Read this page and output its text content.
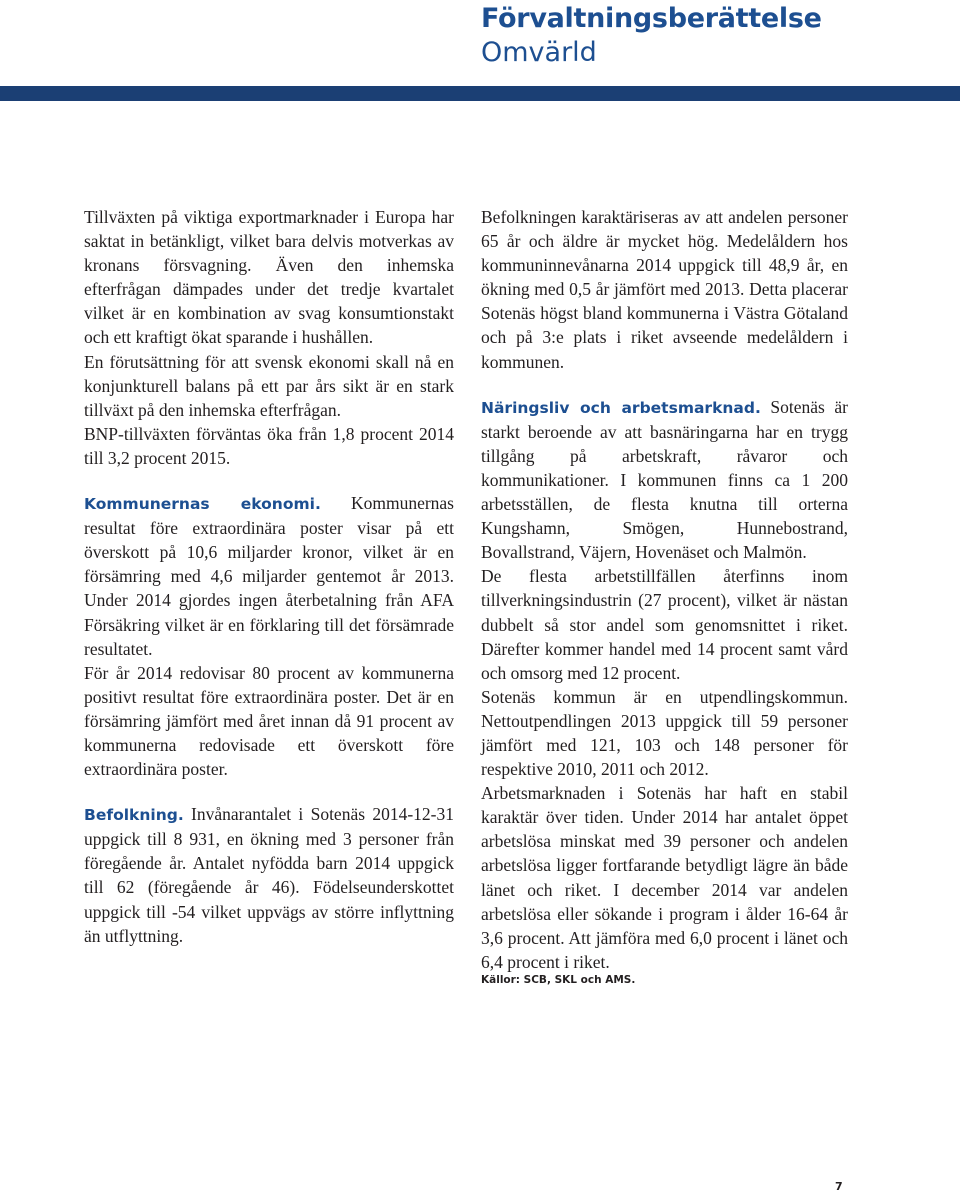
Förvaltningsberättelse
Omvärld

Tillväxten på viktiga exportmarknader i Europa har saktat in betänkligt, vilket bara delvis motverkas av kronans försvagning. Även den inhemska efterfrågan dämpades under det tredje kvartalet vilket är en kombination av svag konsumtionstakt och ett kraftigt ökat sparande i hushållen.

En förutsättning för att svensk ekonomi skall nå en konjunkturell balans på ett par års sikt är en stark tillväxt på den inhemska efterfrågan.

BNP-tillväxten förväntas öka från 1,8 procent 2014 till 3,2 procent 2015.

Kommunernas ekonomi. Kommunernas resultat före extraordinära poster visar på ett överskott på 10,6 miljarder kronor, vilket är en försämring med 4,6 miljarder gentemot år 2013. Under 2014 gjordes ingen återbetalning från AFA Försäkring vilket är en förklaring till det försämrade resultatet.

För år 2014 redovisar 80 procent av kommunerna positivt resultat före extraordinära poster. Det är en försämring jämfört med året innan då 91 procent av kommunerna redovisade ett överskott före extraordinära poster.

Befolkning. Invånarantalet i Sotenäs 2014-12-31 uppgick till 8 931, en ökning med 3 personer från föregående år. Antalet nyfödda barn 2014 uppgick till 62 (föregående år 46). Födelseunderskottet uppgick till -54 vilket uppvägs av större inflyttning än utflyttning.

Befolkningen karaktäriseras av att andelen personer 65 år och äldre är mycket hög. Medelåldern hos kommuninnevånarna 2014 uppgick till 48,9 år, en ökning med 0,5 år jämfört med 2013. Detta placerar Sotenäs högst bland kommunerna i Västra Götaland och på 3:e plats i riket avseende medelåldern i kommunen.

Näringsliv och arbetsmarknad. Sotenäs är starkt beroende av att basnäringarna har en trygg tillgång på arbetskraft, råvaror och kommunikationer. I kommunen finns ca 1 200 arbetsställen, de flesta knutna till orterna Kungshamn, Smögen, Hunnebostrand, Bovallstrand, Väjern, Hovenäset och Malmön.

De flesta arbetstillfällen återfinns inom tillverkningsindustrin (27 procent), vilket är nästan dubbelt så stor andel som genomsnittet i riket. Därefter kommer handel med 14 procent samt vård och omsorg med 12 procent.

Sotenäs kommun är en utpendlingskommun. Nettoutpendlingen 2013 uppgick till 59 personer jämfört med 121, 103 och 148 personer för respektive 2010, 2011 och 2012.

Arbetsmarknaden i Sotenäs har haft en stabil karaktär över tiden. Under 2014 har antalet öppet arbetslösa minskat med 39 personer och andelen arbetslösa ligger fortfarande betydligt lägre än både länet och riket. I december 2014 var andelen arbetslösa eller sökande i program i ålder 16-64 år 3,6 procent. Att jämföra med 6,0 procent i länet och 6,4 procent i riket.

Källor: SCB, SKL och AMS.

7
